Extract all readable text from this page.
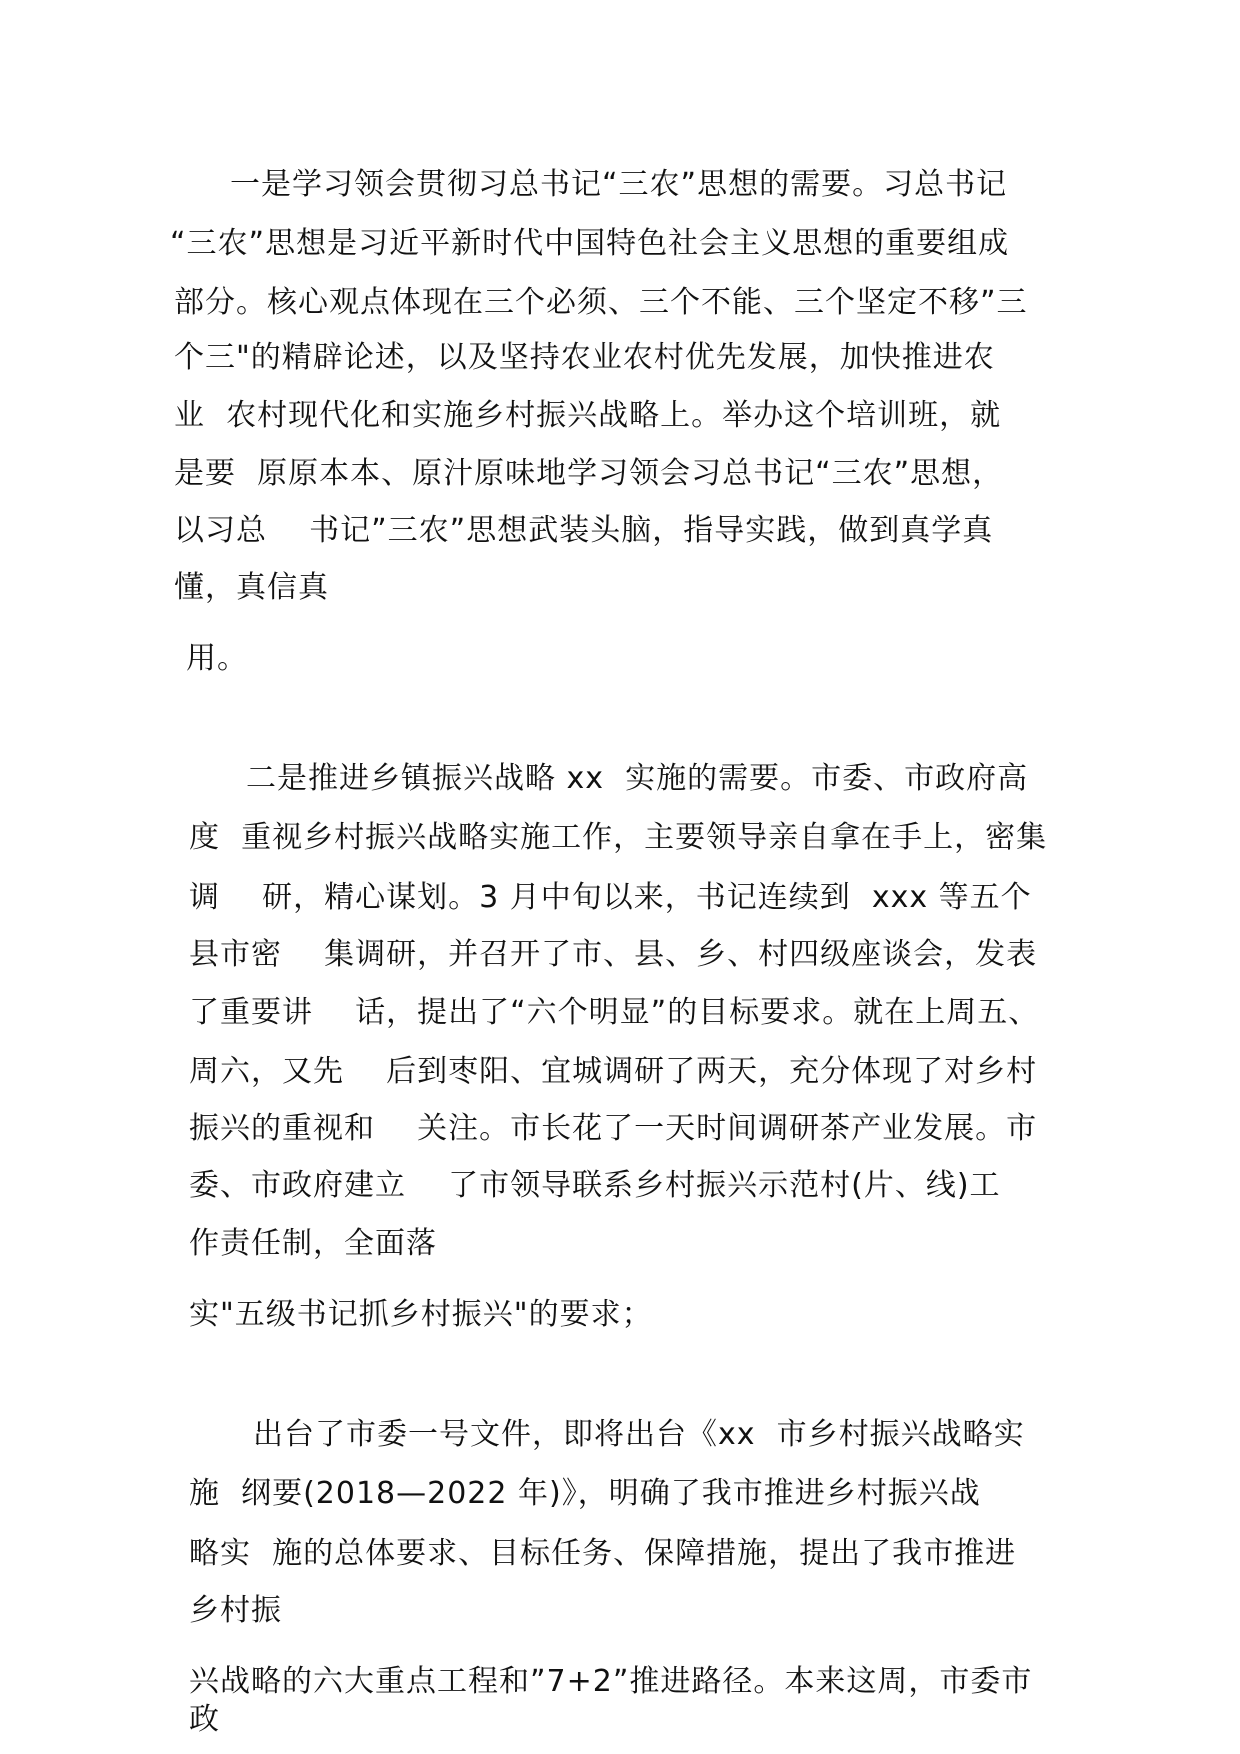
一是学习领会贯彻习总书记“三农”思想的需要。习总书记

“三农”思想是习近平新时代中国特色社会主义思想的重要组成

部分。核心观点体现在三个必须、三个不能、三个坚定不移”三

个三"的精辟论述，以及坚持农业农村优先发展，加快推进农

业  农村现代化和实施乡村振兴战略上。举办这个培训班，就

是要  原原本本、原汁原味地学习领会习总书记“三农”思想，

以习总    书记”三农”思想武装头脑，指导实践，做到真学真

懂，真信真

用。

二是推进乡镇振兴战略 xx  实施的需要。市委、市政府高

度  重视乡村振兴战略实施工作，主要领导亲自拿在手上，密集

调    研，精心谋划。3 月中旬以来，书记连续到  xxx 等五个

县市密    集调研，并召开了市、县、乡、村四级座谈会，发表

了重要讲    话，提出了“六个明显”的目标要求。就在上周五、

周六，又先    后到枣阳、宜城调研了两天，充分体现了对乡村

振兴的重视和    关注。市长花了一天时间调研茶产业发展。市

委、市政府建立    了市领导联系乡村振兴示范村(片、线)工

作责任制，全面落

实"五级书记抓乡村振兴"的要求；

出台了市委一号文件，即将出台《xx  市乡村振兴战略实

施  纲要(2018—2022 年)》，明确了我市推进乡村振兴战

略实  施的总体要求、目标任务、保障措施，提出了我市推进

乡村振

兴战略的六大重点工程和”7+2”推进路径。本来这周，市委市

政
